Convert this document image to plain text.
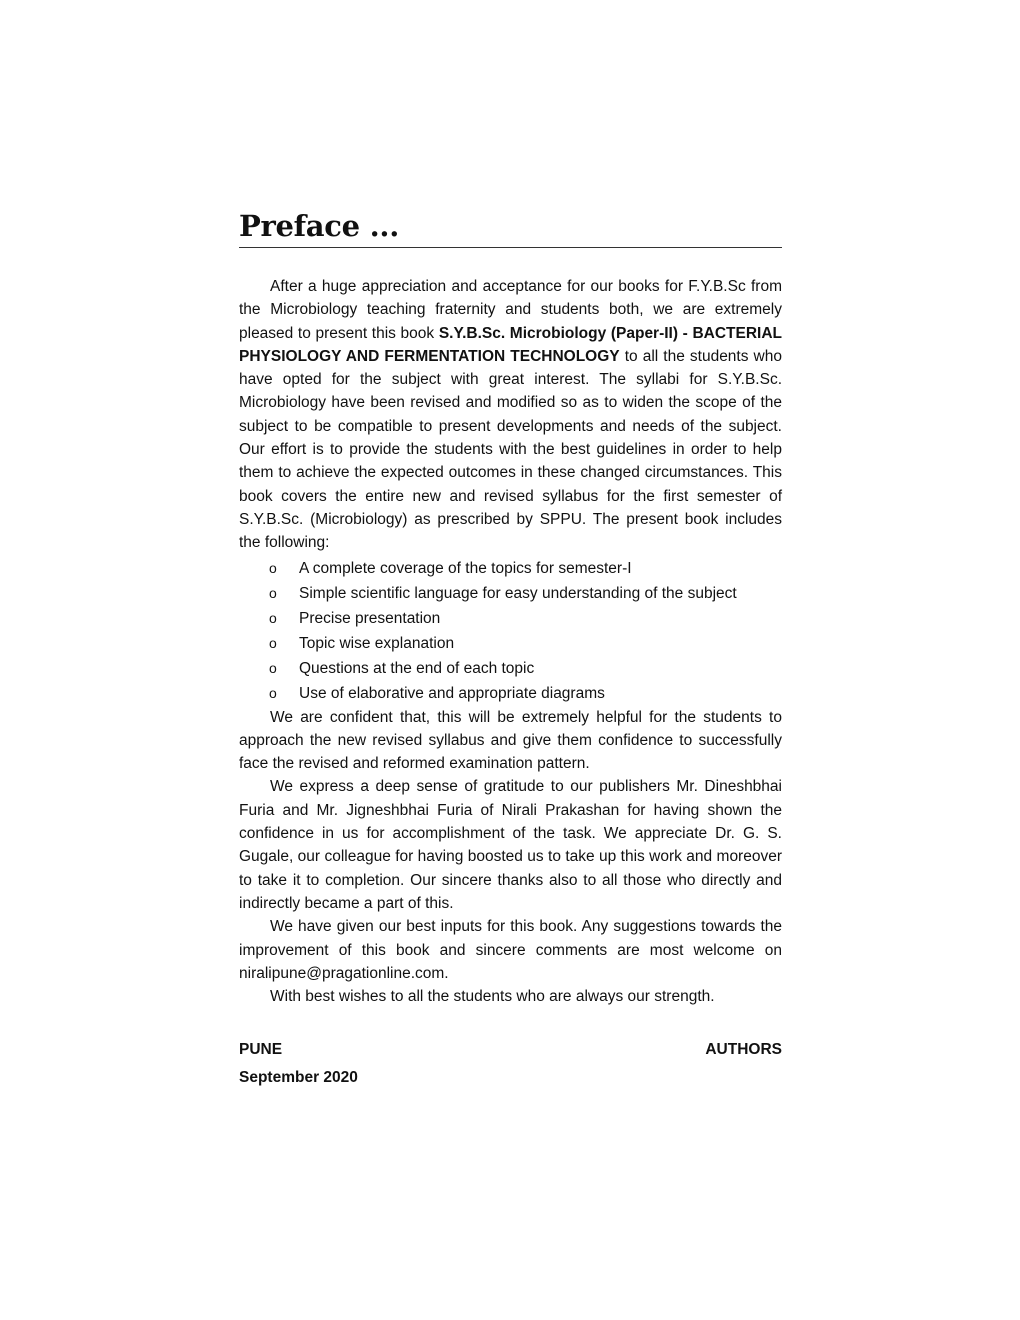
Preface ...

After a huge appreciation and acceptance for our books for F.Y.B.Sc from the Microbiology teaching fraternity and students both, we are extremely pleased to present this book S.Y.B.Sc. Microbiology (Paper-II) - BACTERIAL PHYSIOLOGY AND FERMENTATION TECHNOLOGY to all the students who have opted for the subject with great interest. The syllabi for S.Y.B.Sc. Microbiology have been revised and modified so as to widen the scope of the subject to be compatible to present developments and needs of the subject. Our effort is to provide the students with the best guidelines in order to help them to achieve the expected outcomes in these changed circumstances. This book covers the entire new and revised syllabus for the first semester of S.Y.B.Sc. (Microbiology) as prescribed by SPPU. The present book includes the following:

o A complete coverage of the topics for semester-I
o Simple scientific language for easy understanding of the subject
o Precise presentation
o Topic wise explanation
o Questions at the end of each topic
o Use of elaborative and appropriate diagrams

We are confident that, this will be extremely helpful for the students to approach the new revised syllabus and give them confidence to successfully face the revised and reformed examination pattern.

We express a deep sense of gratitude to our publishers Mr. Dineshbhai Furia and Mr. Jigneshbhai Furia of Nirali Prakashan for having shown the confidence in us for accomplishment of the task. We appreciate Dr. G. S. Gugale, our colleague for having boosted us to take up this work and moreover to take it to completion. Our sincere thanks also to all those who directly and indirectly became a part of this.

We have given our best inputs for this book. Any suggestions towards the improvement of this book and sincere comments are most welcome on niralipune@pragationline.com.

With best wishes to all the students who are always our strength.

PUNE	AUTHORS
September 2020
